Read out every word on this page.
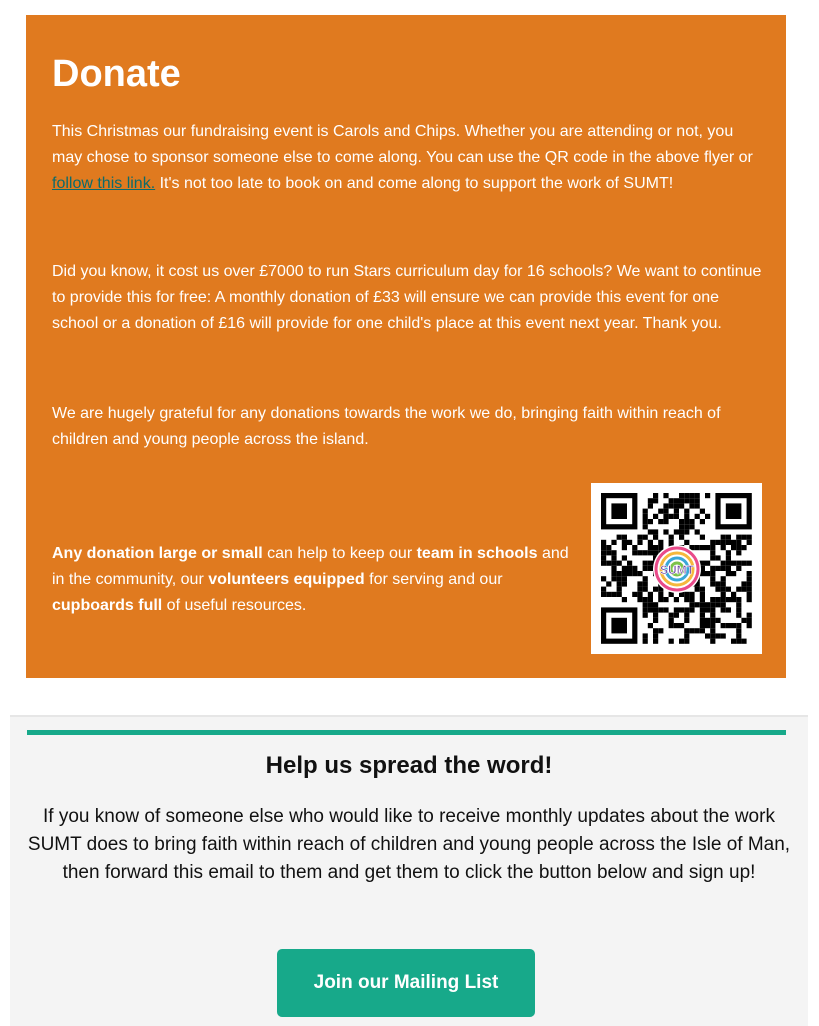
Donate

This Christmas our fundraising event is Carols and Chips. Whether you are attending or not, you may chose to sponsor someone else to come along. You can use the QR code in the above flyer or follow this link. It's not too late to book on and come along to support the work of SUMT!

Did you know, it cost us over £7000 to run Stars curriculum day for 16 schools? We want to continue to provide this for free: A monthly donation of £33 will ensure we can provide this event for one school or a donation of £16 will provide for one child's place at this event next year. Thank you.

We are hugely grateful for any donations towards the work we do, bringing faith within reach of children and young people across the island.

Any donation large or small can help to keep our team in schools and in the community, our volunteers equipped for serving and our cupboards full of useful resources.

SUMT
Help us spread the word!

If you know of someone else who would like to receive monthly updates about the work SUMT does to bring faith within reach of children and young people across the Isle of Man, then forward this email to them and get them to click the button below and sign up!

Join our Mailing List
